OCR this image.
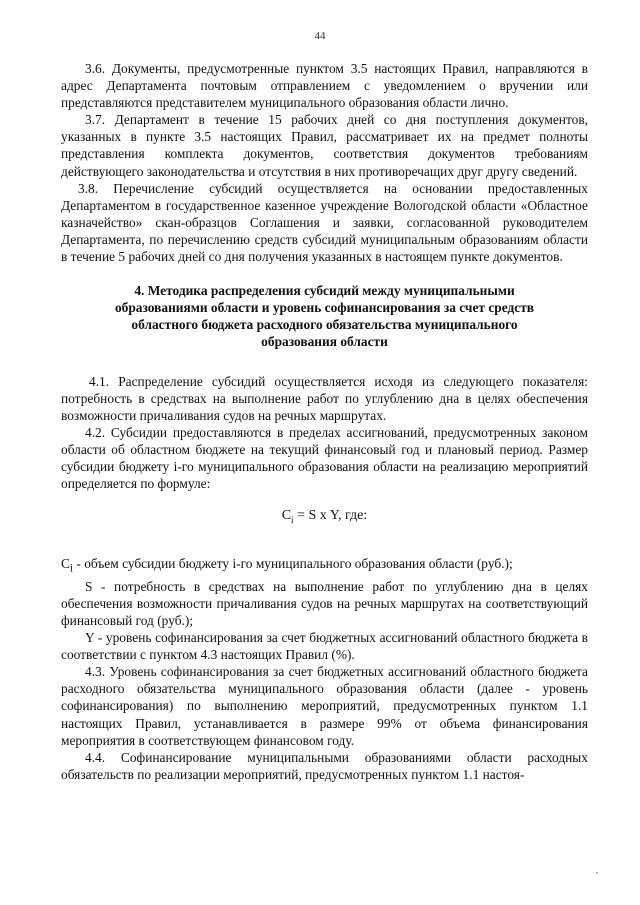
44

3.6. Документы, предусмотренные пунктом 3.5 настоящих Правил, направляются в адрес Департамента почтовым отправлением с уведомлением о вручении или представляются представителем муниципального образования области лично.

3.7. Департамент в течение 15 рабочих дней со дня поступления документов, указанных в пункте 3.5 настоящих Правил, рассматривает их на предмет полноты представления комплекта документов, соответствия документов требованиям действующего законодательства и отсутствия в них противоречащих друг другу сведений.

3.8. Перечисление субсидий осуществляется на основании предоставленных Департаментом в государственное казенное учреждение Вологодской области «Областное казначейство» скан-образцов Соглашения и заявки, согласованной руководителем Департамента, по перечислению средств субсидий муниципальным образованиям области в течение 5 рабочих дней со дня получения указанных в настоящем пункте документов.

4. Методика распределения субсидий между муниципальными образованиями области и уровень софинансирования за счет средств областного бюджета расходного обязательства муниципального образования области

4.1. Распределение субсидий осуществляется исходя из следующего показателя: потребность в средствах на выполнение работ по углублению дна в целях обеспечения возможности причаливания судов на речных маршрутах.

4.2. Субсидии предоставляются в пределах ассигнований, предусмотренных законом области об областном бюджете на текущий финансовый год и плановый период. Размер субсидии бюджету i-го муниципального образования области на реализацию мероприятий определяется по формуле:

$C_i = S$ x Y, где:

$C_i$ - объем субсидии бюджету i-го муниципального образования области (руб.);

S - потребность в средствах на выполнение работ по углублению дна в целях обеспечения возможности причаливания судов на речных маршрутах на соответствующий финансовый год (руб.);

Y - уровень софинансирования за счет бюджетных ассигнований областного бюджета в соответствии с пунктом 4.3 настоящих Правил (%).

4.3. Уровень софинансирования за счет бюджетных ассигнований областного бюджета расходного обязательства муниципального образования области (далее - уровень софинансирования) по выполнению мероприятий, предусмотренных пунктом 1.1 настоящих Правил, устанавливается в размере 99% от объема финансирования мероприятия в соответствующем финансовом году.

4.4. Софинансирование муниципальными образованиями области расходных обязательств по реализации мероприятий, предусмотренных пунктом 1.1 настоя-
